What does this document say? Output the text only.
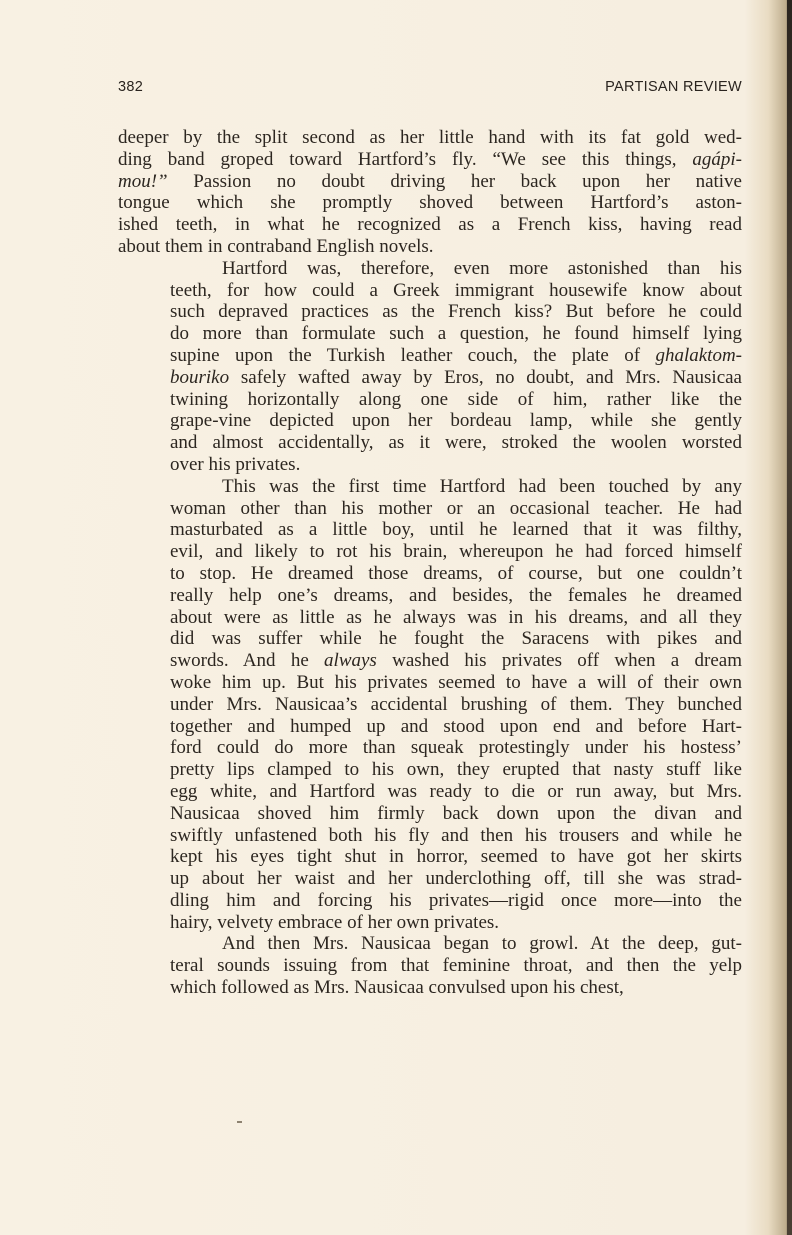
382	PARTISAN REVIEW

deeper by the split second as her little hand with its fat gold wed-
ding band groped toward Hartford’s fly. “We see this things, agápi-
mou!” Passion no doubt driving her back upon her native
tongue which she promptly shoved between Hartford’s aston-
ished teeth, in what he recognized as a French kiss, having read
about them in contraband English novels.

Hartford was, therefore, even more astonished than his
teeth, for how could a Greek immigrant housewife know about
such depraved practices as the French kiss? But before he could
do more than formulate such a question, he found himself lying
supine upon the Turkish leather couch, the plate of ghalaktom-
bouriko safely wafted away by Eros, no doubt, and Mrs. Nausicaa
twining horizontally along one side of him, rather like the
grape-vine depicted upon her bordeau lamp, while she gently
and almost accidentally, as it were, stroked the woolen worsted
over his privates.

This was the first time Hartford had been touched by any
woman other than his mother or an occasional teacher. He had
masturbated as a little boy, until he learned that it was filthy,
evil, and likely to rot his brain, whereupon he had forced himself
to stop. He dreamed those dreams, of course, but one couldn’t
really help one’s dreams, and besides, the females he dreamed
about were as little as he always was in his dreams, and all they
did was suffer while he fought the Saracens with pikes and
swords. And he always washed his privates off when a dream
woke him up. But his privates seemed to have a will of their own
under Mrs. Nausicaa’s accidental brushing of them. They bunched
together and humped up and stood upon end and before Hart-
ford could do more than squeak protestingly under his hostess’
pretty lips clamped to his own, they erupted that nasty stuff like
egg white, and Hartford was ready to die or run away, but Mrs.
Nausicaa shoved him firmly back down upon the divan and
swiftly unfastened both his fly and then his trousers and while he
kept his eyes tight shut in horror, seemed to have got her skirts
up about her waist and her underclothing off, till she was strad-
dling him and forcing his privates—rigid once more—into the
hairy, velvety embrace of her own privates.

And then Mrs. Nausicaa began to growl. At the deep, gut-
teral sounds issuing from that feminine throat, and then the yelp
which followed as Mrs. Nausicaa convulsed upon his chest,
